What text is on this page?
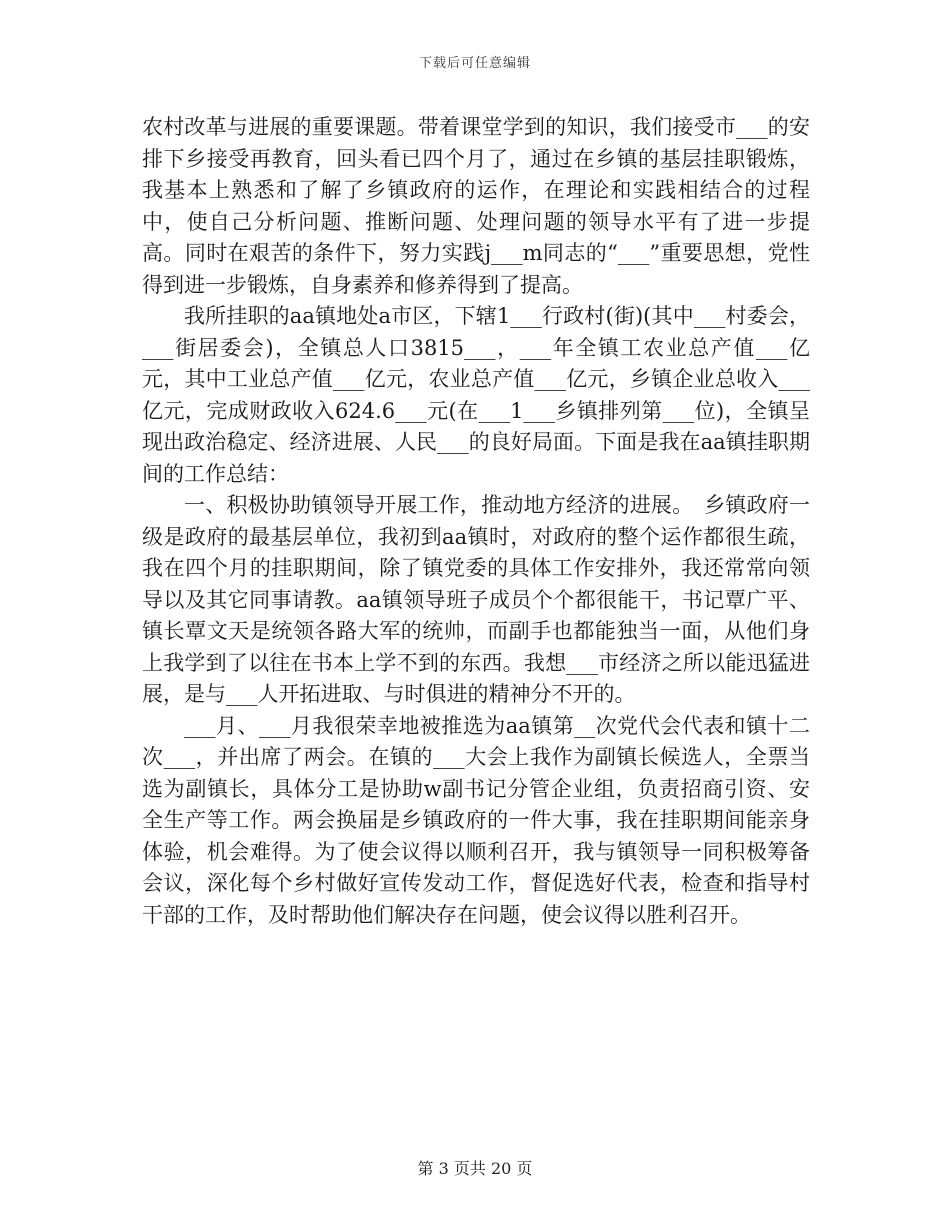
下载后可任意编辑

农村改革与进展的重要课题。带着课堂学到的知识，我们接受市___的安排下乡接受再教育，回头看已四个月了，通过在乡镇的基层挂职锻炼，我基本上熟悉和了解了乡镇政府的运作，在理论和实践相结合的过程中，使自己分析问题、推断问题、处理问题的领导水平有了进一步提高。同时在艰苦的条件下，努力实践j___m同志的“___”重要思想，党性得到进一步锻炼，自身素养和修养得到了提高。

我所挂职的aa镇地处a市区，下辖1___行政村(街)(其中___村委会，___街居委会)，全镇总人口3815___，___年全镇工农业总产值___亿元，其中工业总产值___亿元，农业总产值___亿元，乡镇企业总收入___亿元，完成财政收入624.6___元(在___1___乡镇排列第___位)，全镇呈现出政治稳定、经济进展、人民___的良好局面。下面是我在aa镇挂职期间的工作总结：

一、积极协助镇领导开展工作，推动地方经济的进展。　乡镇政府一级是政府的最基层单位，我初到aa镇时，对政府的整个运作都很生疏，我在四个月的挂职期间，除了镇党委的具体工作安排外，我还常常向领导以及其它同事请教。aa镇领导班子成员个个都很能干，书记覃广平、镇长覃文天是统领各路大军的统帅，而副手也都能独当一面，从他们身上我学到了以往在书本上学不到的东西。我想___市经济之所以能迅猛进展，是与___人开拓进取、与时俱进的精神分不开的。

___月、___月我很荣幸地被推选为aa镇第__次党代会代表和镇十二次___，并出席了两会。在镇的___大会上我作为副镇长候选人，全票当选为副镇长，具体分工是协助w副书记分管企业组，负责招商引资、安全生产等工作。两会换届是乡镇政府的一件大事，我在挂职期间能亲身体验，机会难得。为了使会议得以顺利召开，我与镇领导一同积极筹备会议，深化每个乡村做好宣传发动工作，督促选好代表，检查和指导村干部的工作，及时帮助他们解决存在问题，使会议得以胜利召开。

第 3 页共 20 页
